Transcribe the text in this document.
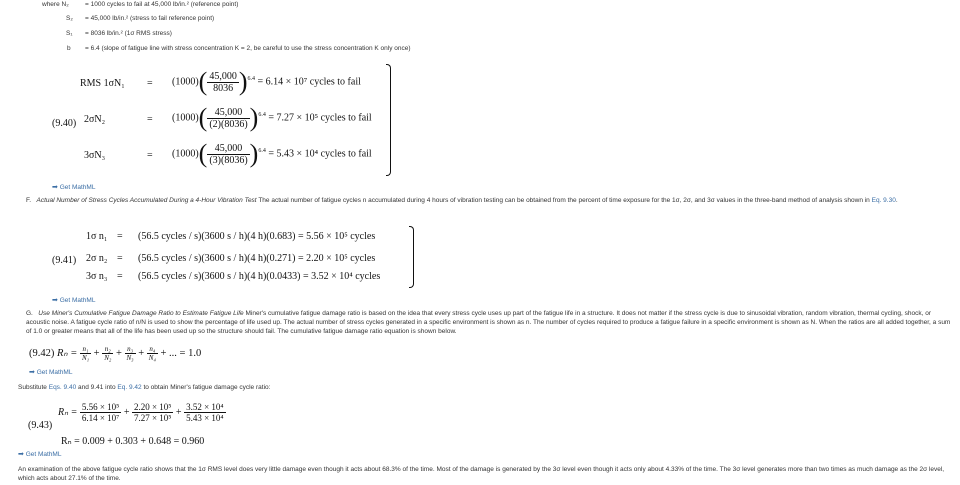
where N₂	= 1000 cycles to fail at 45,000 lb/in.² (reference point)
S₂ = 45,000 lb/in.² (stress to fail reference point)
S₁ = 8036 lb/in.² (1σ RMS stress)
b = 6.4 (slope of fatigue line with stress concentration K = 2, be careful to use the stress concentration K only once)
(9.40)
RMS $1\sigma N_1 = (1000)( \frac{45,000}{8036} )^{6.4} = 6.14 \times 10^7$ cycles to fail
2σN₂	= $(1000)( \frac{45,000}{(2)(8036)} )^{6.4} = 7.27 \times 10^5$ cycles to fail
3σN₃	= $(1000)( \frac{45,000}{(3)(8036)} )^{6.4} = 5.43 \times 10^4$ cycles to fail
➡ Get MathML
F. Actual Number of Stress Cycles Accumulated During a 4-Hour Vibration Test The actual number of fatigue cycles n accumulated during 4 hours of vibration testing can be obtained from the percent of time exposure for the 1σ, 2σ, and 3σ values in the three-band method of analysis shown in Eq. 9.30.
(9.41)
1σ n₁ = (56.5 cycles / s)(3600 s / h)(4 h)(0.683) = 5.56 × 10⁵ cycles
2σ n₂ = (56.5 cycles / s)(3600 s / h)(4 h)(0.271) = 2.20 × 10⁵ cycles
3σ n₃ = (56.5 cycles / s)(3600 s / h)(4 h)(0.0433) = 3.52 × 10⁴ cycles
➡ Get MathML
G. Use Miner's Cumulative Fatigue Damage Ratio to Estimate Fatigue Life Miner's cumulative fatigue damage ratio is based on the idea that every stress cycle uses up part of the fatigue life in a structure. It does not matter if the stress cycle is due to sinusoidal vibration, random vibration, thermal cycling, shock, or acoustic noise. A fatigue cycle ratio of n/N is used to show the percentage of life used up. The actual number of stress cycles generated in a specific environment is shown as n. The number of cycles required to produce a fatigue failure in a specific environment is shown as N. When the ratios are all added together, a sum of 1.0 or greater means that all of the life has been used up so the structure should fail. The cumulative fatigue damage ratio equation is shown below.
(9.42) $R_n = \frac{\text{n₁}}{\text{N₁}} + \frac{\text{n₂}}{\text{N₂}} + \frac{\text{n₃}}{\text{N₃}} + \frac{\text{n₄}}{\text{N₄}}$ + ... = 1.0
➡ Get MathML
Substitute Eqs. 9.40 and 9.41 into Eq. 9.42 to obtain Miner's fatigue damage cycle ratio:
(9.43)
$R_n = \frac{\text{5.56 × 10⁵}}{\text{6.14 × 10⁷}} + \frac{\text{2.20 × 10⁵}}{\text{7.27 × 10⁵}} + \frac{\text{3.52 × 10⁴}}{\text{5.43 × 10⁴}}$
Rₙ = 0.009 + 0.303 + 0.648 = 0.960
➡ Get MathML
An examination of the above fatigue cycle ratio shows that the 1σ RMS level does very little damage even though it acts about 68.3% of the time. Most of the damage is generated by the 3σ level even though it acts only about 4.33% of the time. The 3σ level generates more than two times as much damage as the 2σ level, which acts about 27.1% of the time.
